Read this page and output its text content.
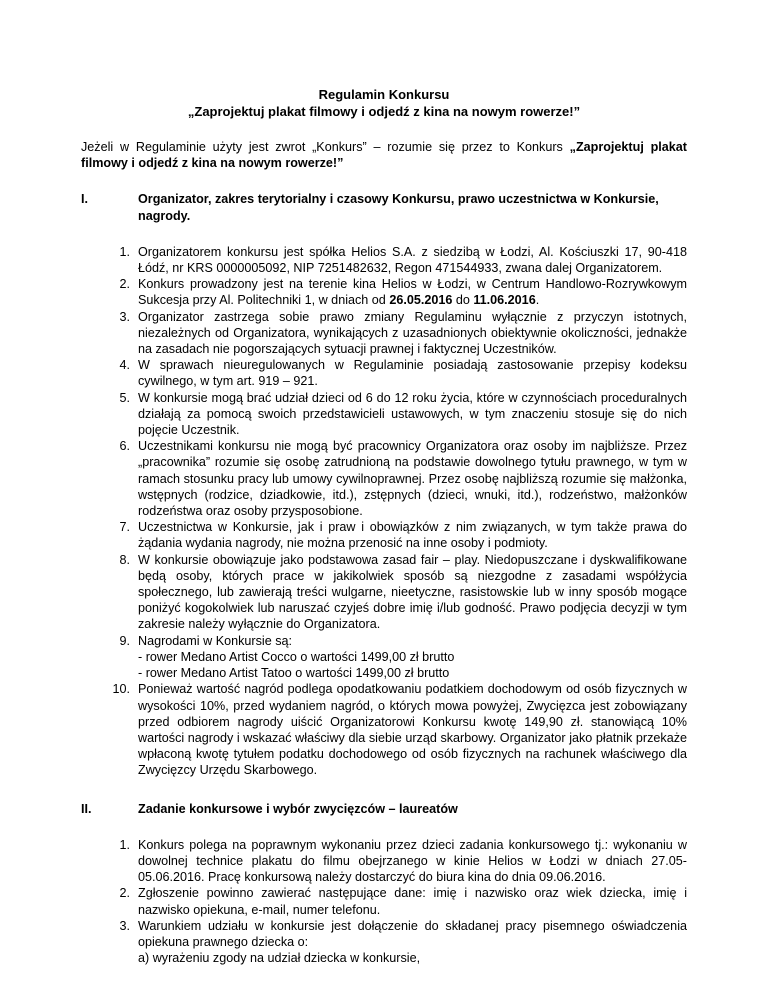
Regulamin Konkursu
„Zaprojektuj plakat filmowy i odjedź z kina na nowym rowerze!”
Jeżeli w Regulaminie użyty jest zwrot „Konkurs” – rozumie się przez to Konkurs „Zaprojektuj plakat filmowy i odjedź z kina na nowym rowerze!”
I.	Organizator, zakres terytorialny i czasowy Konkursu, prawo uczestnictwa w Konkursie, nagrody.
1. Organizatorem konkursu jest spółka Helios S.A. z siedzibą w Łodzi, Al. Kościuszki 17, 90-418 Łódź, nr KRS 0000005092, NIP 7251482632, Regon 471544933, zwana dalej Organizatorem.
2. Konkurs prowadzony jest na terenie kina Helios w Łodzi, w Centrum Handlowo-Rozrywkowym Sukcesja przy Al. Politechniki 1, w dniach od 26.05.2016 do 11.06.2016.
3. Organizator zastrzega sobie prawo zmiany Regulaminu wyłącznie z przyczyn istotnych, niezależnych od Organizatora, wynikających z uzasadnionych obiektywnie okoliczności, jednakże na zasadach nie pogorszających sytuacji prawnej i faktycznej Uczestników.
4. W sprawach nieuregulowanych w Regulaminie posiadają zastosowanie przepisy kodeksu cywilnego, w tym art. 919 – 921.
5. W konkursie mogą brać udział dzieci od 6 do 12 roku życia, które w czynnościach proceduralnych działają za pomocą swoich przedstawicieli ustawowych, w tym znaczeniu stosuje się do nich pojęcie Uczestnik.
6. Uczestnikami konkursu nie mogą być pracownicy Organizatora oraz osoby im najbliższe. Przez „pracownika” rozumie się osobę zatrudnioną na podstawie dowolnego tytułu prawnego, w tym w ramach stosunku pracy lub umowy cywilnoprawnej. Przez osobę najbliższą rozumie się małżonka, wstępnych (rodzice, dziadkowie, itd.), zstępnych (dzieci, wnuki, itd.), rodzeństwo, małżonków rodzeństwa oraz osoby przysposobione.
7. Uczestnictwa w Konkursie, jak i praw i obowiązków z nim związanych, w tym także prawa do żądania wydania nagrody, nie można przenosić na inne osoby i podmioty.
8. W konkursie obowiązuje jako podstawowa zasad fair – play. Niedopuszczane i dyskwalifikowane będą osoby, których prace w jakikolwiek sposób są niezgodne z zasadami współżycia społecznego, lub zawierają treści wulgarne, nieetyczne, rasistowskie lub w inny sposób mogące poniżyć kogokolwiek lub naruszać czyjeś dobre imię i/lub godność. Prawo podjęcia decyzji w tym zakresie należy wyłącznie do Organizatora.
9. Nagrodami w Konkursie są:
- rower Medano Artist Cocco o wartości 1499,00 zł brutto
- rower Medano Artist Tatoo o wartości 1499,00 zł brutto
10. Ponieważ wartość nagród podlega opodatkowaniu podatkiem dochodowym od osób fizycznych w wysokości 10%, przed wydaniem nagród, o których mowa powyżej, Zwycięzca jest zobowiązany przed odbiorem nagrody uiścić Organizatorowi Konkursu kwotę 149,90 zł. stanowiącą 10% wartości nagrody i wskazać właściwy dla siebie urząd skarbowy. Organizator jako płatnik przekaże wpłaconą kwotę tytułem podatku dochodowego od osób fizycznych na rachunek właściwego dla Zwycięzcy Urzędu Skarbowego.
II.	Zadanie konkursowe i wybór zwycięzców – laureatów
1. Konkurs polega na poprawnym wykonaniu przez dzieci zadania konkursowego tj.: wykonaniu w dowolnej technice plakatu do filmu obejrzanego w kinie Helios w Łodzi w dniach 27.05-05.06.2016. Pracę konkursową należy dostarczyć do biura kina do dnia 09.06.2016.
2. Zgłoszenie powinno zawierać następujące dane: imię i nazwisko oraz wiek dziecka, imię i nazwisko opiekuna, e-mail, numer telefonu.
3. Warunkiem udziału w konkursie jest dołączenie do składanej pracy pisemnego oświadczenia opiekuna prawnego dziecka o:
a) wyrażeniu zgody na udział dziecka w konkursie,
